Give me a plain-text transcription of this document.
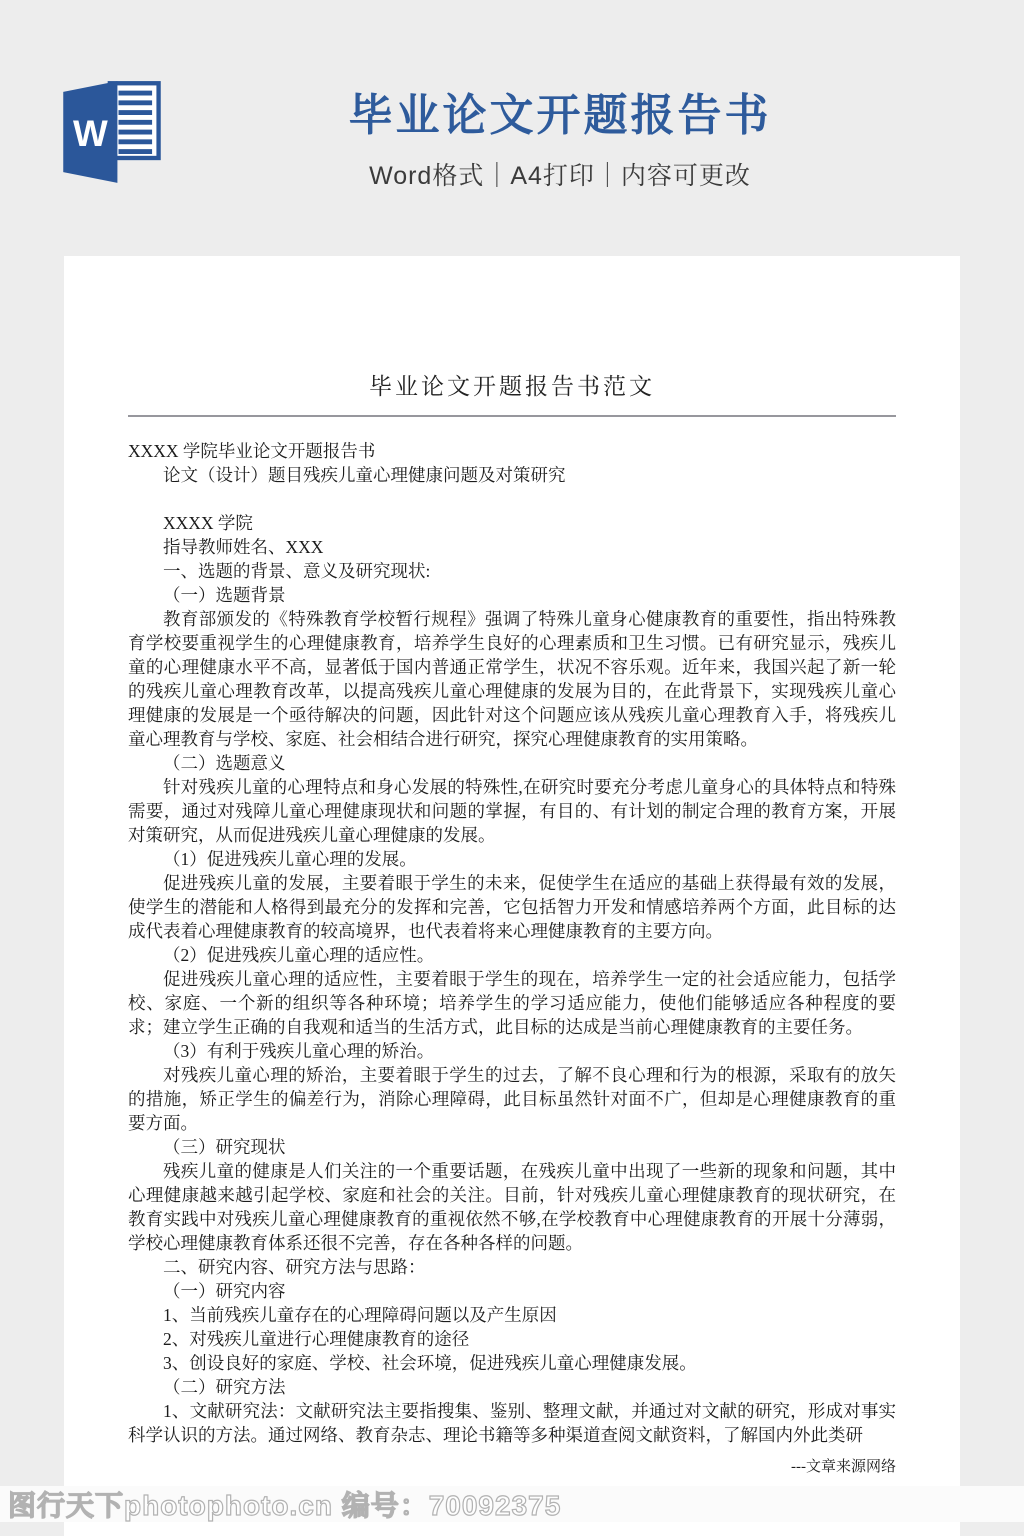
W	毕业论文开题报告书
Word格式｜A4打印｜内容可更改
毕业论文开题报告书范文
XXXX 学院毕业论文开题报告书
论文（设计）题目残疾儿童心理健康问题及对策研究
XXXX 学院
指导教师姓名、XXX
一、选题的背景、意义及研究现状:
（一）选题背景
教育部颁发的《特殊教育学校暂行规程》强调了特殊儿童身心健康教育的重要性，指出特殊教育学校要重视学生的心理健康教育，培养学生良好的心理素质和卫生习惯。已有研究显示，残疾儿童的心理健康水平不高，显著低于国内普通正常学生，状况不容乐观。近年来，我国兴起了新一轮的残疾儿童心理教育改革，以提高残疾儿童心理健康的发展为目的，在此背景下，实现残疾儿童心理健康的发展是一个亟待解决的问题，因此针对这个问题应该从残疾儿童心理教育入手，将残疾儿童心理教育与学校、家庭、社会相结合进行研究，探究心理健康教育的实用策略。
（二）选题意义
针对残疾儿童的心理特点和身心发展的特殊性,在研究时要充分考虑儿童身心的具体特点和特殊需要，通过对残障儿童心理健康现状和问题的掌握，有目的、有计划的制定合理的教育方案，开展对策研究，从而促进残疾儿童心理健康的发展。
（1）促进残疾儿童心理的发展。
促进残疾儿童的发展，主要着眼于学生的未来，促使学生在适应的基础上获得最有效的发展，使学生的潜能和人格得到最充分的发挥和完善，它包括智力开发和情感培养两个方面，此目标的达成代表着心理健康教育的较高境界，也代表着将来心理健康教育的主要方向。
（2）促进残疾儿童心理的适应性。
促进残疾儿童心理的适应性，主要着眼于学生的现在，培养学生一定的社会适应能力，包括学校、家庭、一个新的组织等各种环境；培养学生的学习适应能力，使他们能够适应各种程度的要求；建立学生正确的自我观和适当的生活方式，此目标的达成是当前心理健康教育的主要任务。
（3）有利于残疾儿童心理的矫治。
对残疾儿童心理的矫治，主要着眼于学生的过去，了解不良心理和行为的根源，采取有的放矢的措施，矫正学生的偏差行为，消除心理障碍，此目标虽然针对面不广，但却是心理健康教育的重要方面。
（三）研究现状
残疾儿童的健康是人们关注的一个重要话题，在残疾儿童中出现了一些新的现象和问题，其中心理健康越来越引起学校、家庭和社会的关注。目前，针对残疾儿童心理健康教育的现状研究，在教育实践中对残疾儿童心理健康教育的重视依然不够,在学校教育中心理健康教育的开展十分薄弱，学校心理健康教育体系还很不完善，存在各种各样的问题。
二、研究内容、研究方法与思路：
（一）研究内容
1、当前残疾儿童存在的心理障碍问题以及产生原因
2、对残疾儿童进行心理健康教育的途径
3、创设良好的家庭、学校、社会环境，促进残疾儿童心理健康发展。
（二）研究方法
1、文献研究法：文献研究法主要指搜集、鉴别、整理文献，并通过对文献的研究，形成对事实科学认识的方法。通过网络、教育杂志、理论书籍等多种渠道查阅文献资料，了解国内外此类研
---文章来源网络
图行天下photophoto.cn 编号：70092375
